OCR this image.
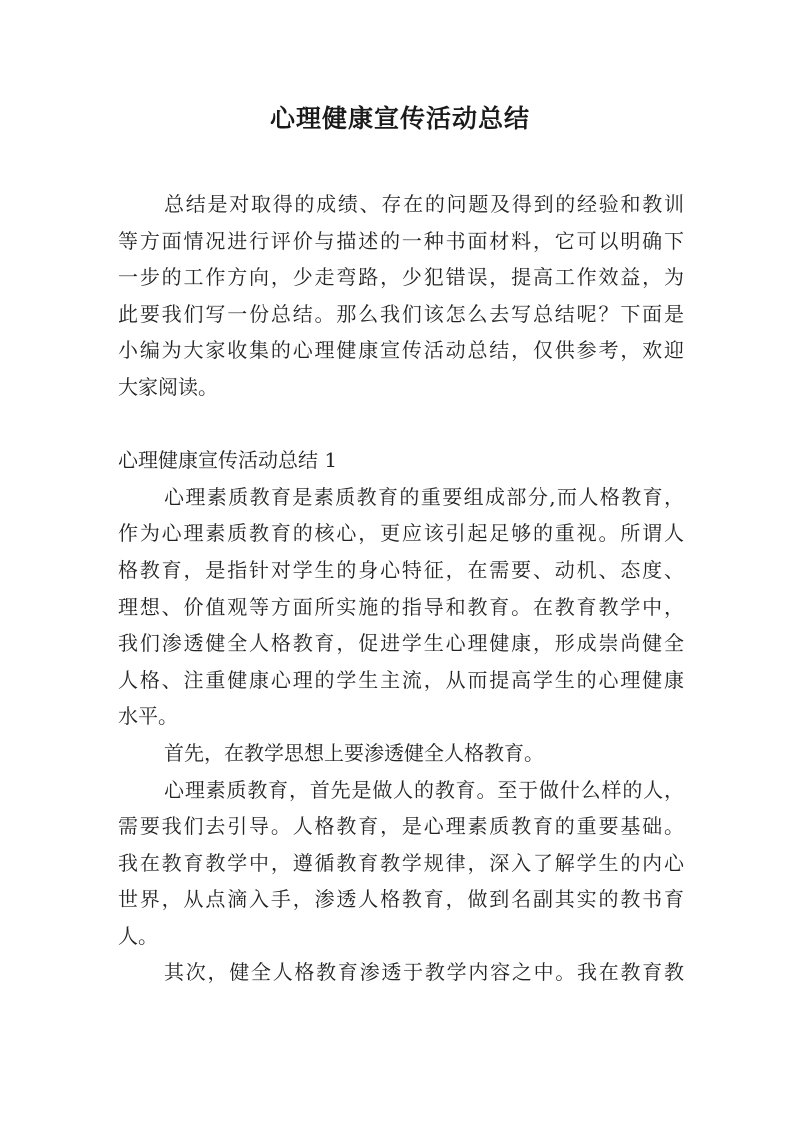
心理健康宣传活动总结
总结是对取得的成绩、存在的问题及得到的经验和教训
等方面情况进行评价与描述的一种书面材料，它可以明确下
一步的工作方向，少走弯路，少犯错误，提高工作效益，为
此要我们写一份总结。那么我们该怎么去写总结呢？下面是
小编为大家收集的心理健康宣传活动总结，仅供参考，欢迎
大家阅读。
心理健康宣传活动总结 1
心理素质教育是素质教育的重要组成部分,而人格教育，
作为心理素质教育的核心，更应该引起足够的重视。所谓人
格教育，是指针对学生的身心特征，在需要、动机、态度、
理想、价值观等方面所实施的指导和教育。在教育教学中，
我们渗透健全人格教育，促进学生心理健康，形成崇尚健全
人格、注重健康心理的学生主流，从而提高学生的心理健康
水平。
首先，在教学思想上要渗透健全人格教育。
心理素质教育，首先是做人的教育。至于做什么样的人，
需要我们去引导。人格教育，是心理素质教育的重要基础。
我在教育教学中，遵循教育教学规律，深入了解学生的内心
世界，从点滴入手，渗透人格教育，做到名副其实的教书育
人。
其次，健全人格教育渗透于教学内容之中。我在教育教
